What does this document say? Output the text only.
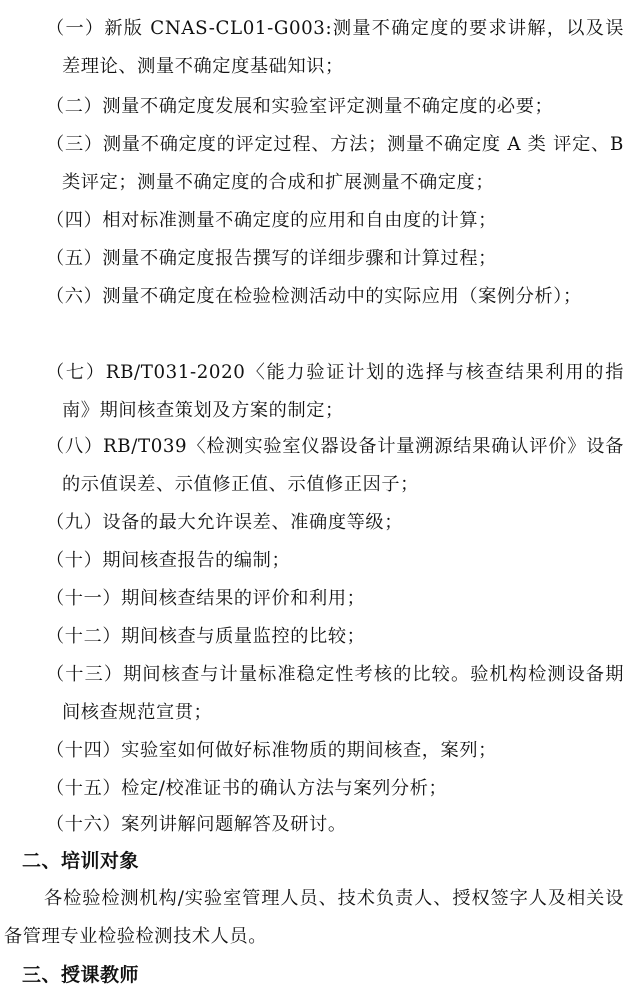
（一）新版 CNAS-CL01-G003:测量不确定度的要求讲解，以及误差理论、测量不确定度基础知识；

（二）测量不确定度发展和实验室评定测量不确定度的必要；

（三）测量不确定度的评定过程、方法；测量不确定度 A 类 评定、B 类评定；测量不确定度的合成和扩展测量不确定度；

（四）相对标准测量不确定度的应用和自由度的计算；

（五）测量不确定度报告撰写的详细步骤和计算过程；

（六）测量不确定度在检验检测活动中的实际应用（案例分析）；

（七）RB/T031-2020〈能力验证计划的选择与核查结果利用的指南》期间核查策划及方案的制定；

（八）RB/T039〈检测实验室仪器设备计量溯源结果确认评价》设备的示值误差、示值修正值、示值修正因子；

（九）设备的最大允许误差、准确度等级；

（十）期间核查报告的编制；

（十一）期间核查结果的评价和利用；

（十二）期间核查与质量监控的比较；

（十三）期间核查与计量标准稳定性考核的比较。验机构检测设备期间核查规范宣贯；

（十四）实验室如何做好标准物质的期间核查，案列；

（十五）检定/校准证书的确认方法与案列分析；

（十六）案列讲解问题解答及研讨。

二、培训对象

各检验检测机构/实验室管理人员、技术负责人、授权签字人及相关设备管理专业检验检测技术人员。

三、授课教师
